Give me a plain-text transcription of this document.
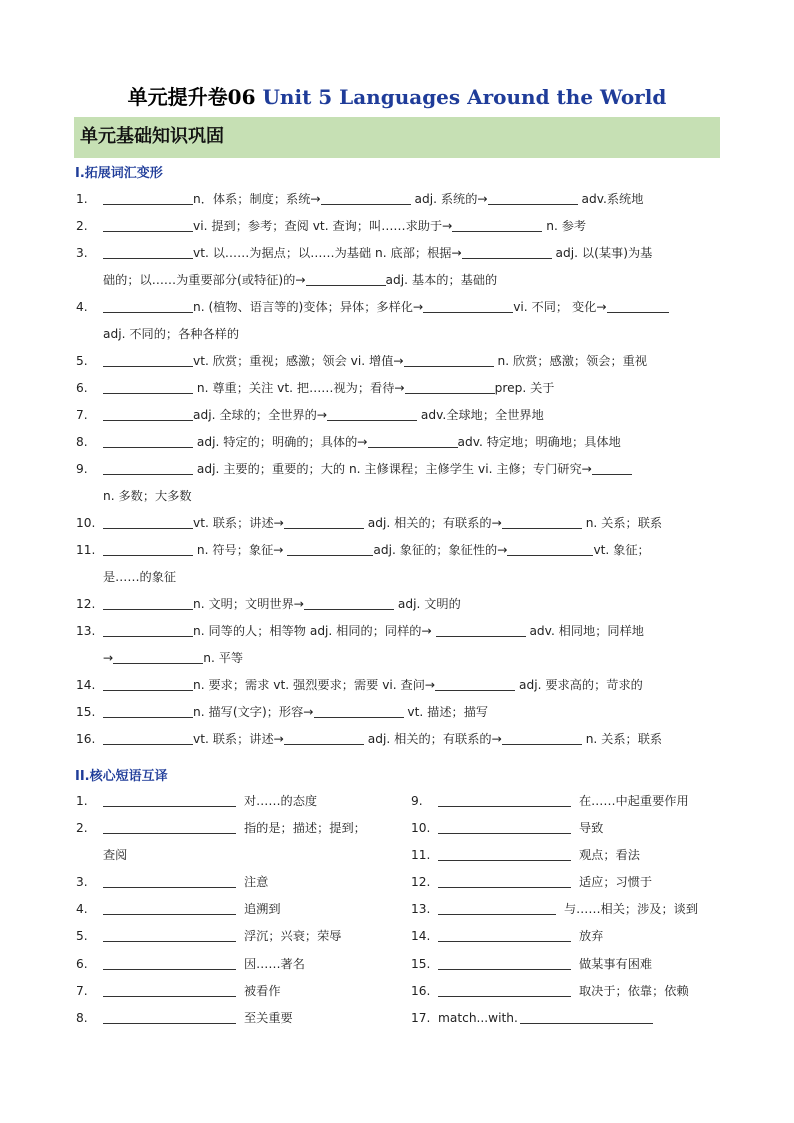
单元提升卷06 Unit 5 Languages Around the World
单元基础知识巩固
I.拓展词汇变形
1.	n．体系；制度；系统→	adj. 系统的→	adv.系统地
2.	vi. 提到；参考；查阅 vt. 查询；叫……求助于→	n. 参考
3.	vt. 以……为据点；以……为基础 n. 底部；根据→	adj. 以(某事)为基
础的；以……为重要部分(或特征)的→	adj. 基本的；基础的
4.	n. (植物、语言等的)变体；异体；多样化→	vi. 不同； 变化→
adj. 不同的；各种各样的
5.	vt. 欣赏；重视；感激；领会 vi. 增值→	n. 欣赏；感激；领会；重视
6.	n. 尊重；关注 vt. 把……视为；看待→	prep. 关于
7.	adj. 全球的；全世界的→	adv.全球地；全世界地
8.	adj. 特定的；明确的；具体的→	adv. 特定地；明确地；具体地
9.	adj. 主要的；重要的；大的 n. 主修课程；主修学生 vi. 主修；专门研究→
n. 多数；大多数
10.	vt. 联系；讲述→	adj. 相关的；有联系的→	n. 关系；联系
11.	n. 符号；象征→	adj. 象征的；象征性的→	vt. 象征；
是……的象征
12.	n. 文明；文明世界→	adj. 文明的
13.	n. 同等的人；相等物 adj. 相同的；同样的→	adv. 相同地；同样地
→	n. 平等
14.	n. 要求；需求 vt. 强烈要求；需要 vi. 查问→	adj. 要求高的；苛求的
15.	n. 描写(文字)；形容→	vt. 描述；描写
16.	vt. 联系；讲述→	adj. 相关的；有联系的→	n. 关系；联系
II.核心短语互译
1.	对……的态度
2.	指的是；描述；提到；
查阅
3.	注意
4.	追溯到
5.	浮沉；兴衰；荣辱
6.	因……著名
7.	被看作
8.	至关重要
9.	在……中起重要作用
10.	导致
11.	观点；看法
12.	适应；习惯于
13.	与……相关；涉及；谈到
14.	放弃
15.	做某事有困难
16.	取决于；依靠；依赖
17. match...with.
